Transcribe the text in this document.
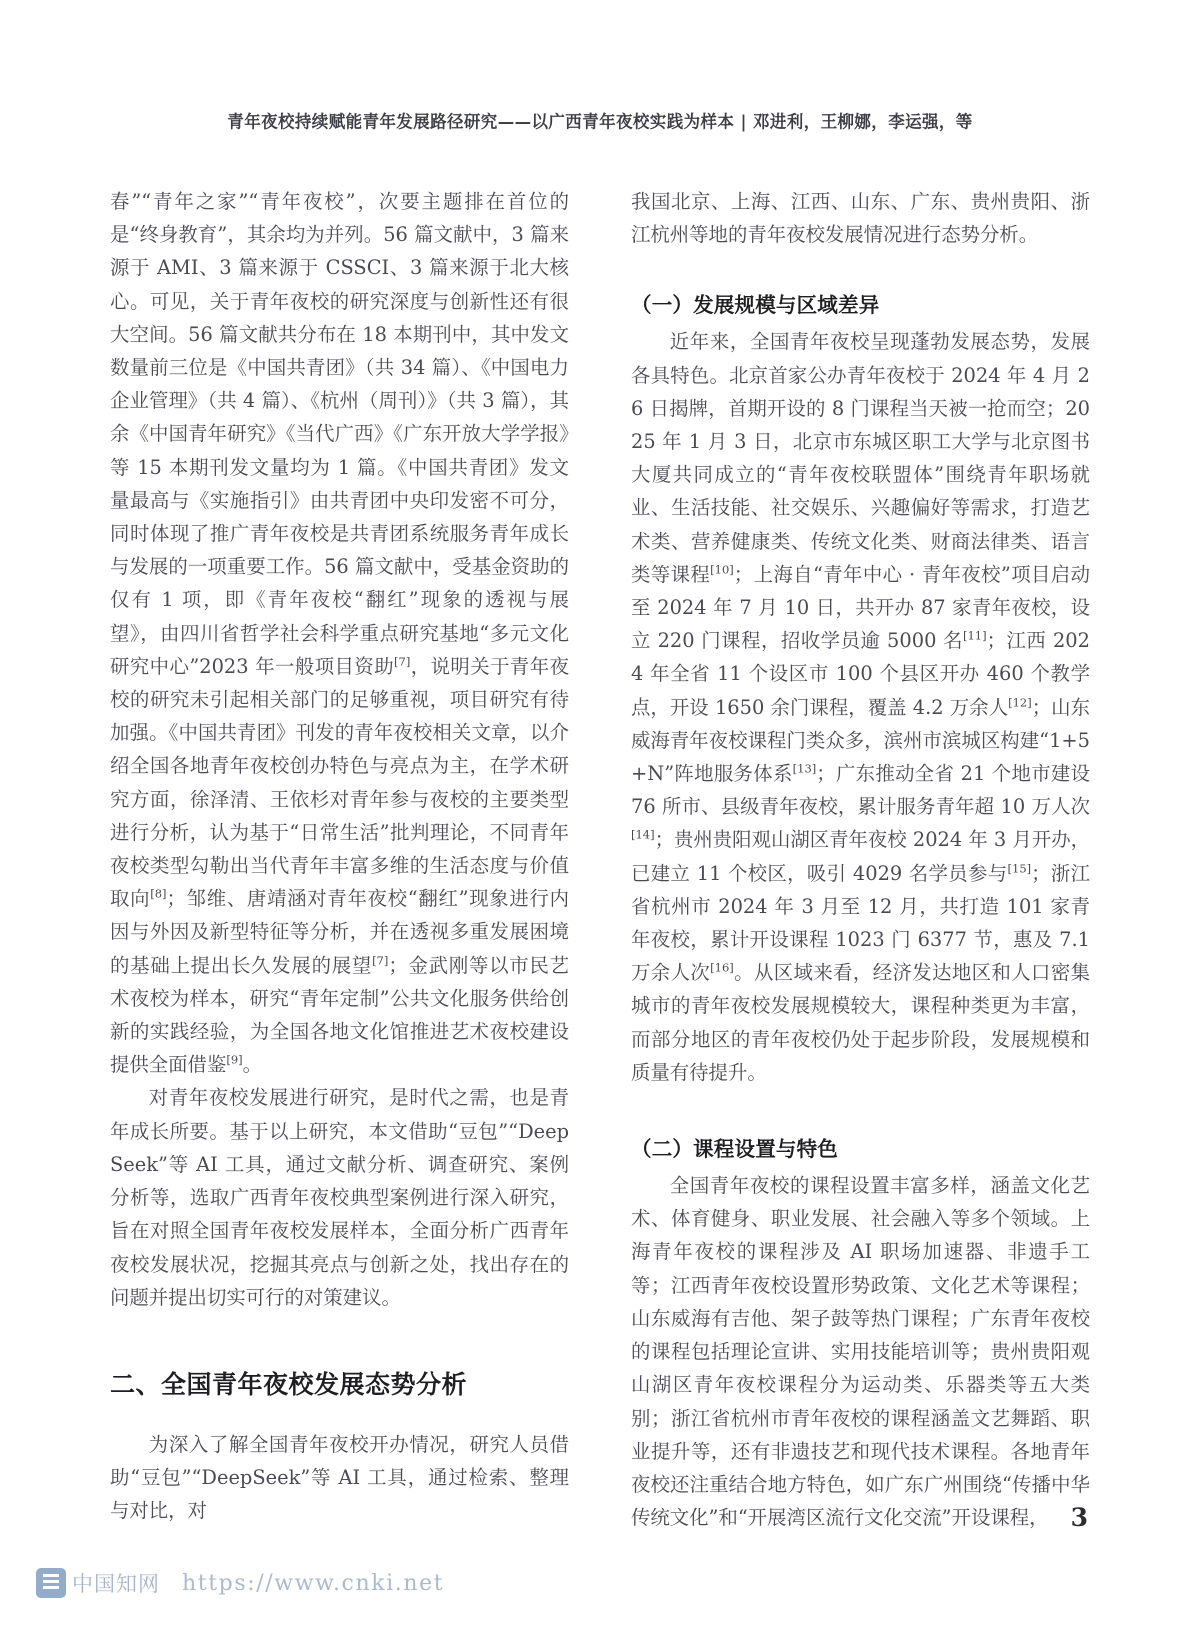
青年夜校持续赋能青年发展路径研究——以广西青年夜校实践为样本 | 邓进利，王柳娜，李运强，等

春”“青年之家”“青年夜校”，次要主题排在首位的是“终身教育”，其余均为并列。56 篇文献中，3 篇来源于 AMI、3 篇来源于 CSSCI、3 篇来源于北大核心。可见，关于青年夜校的研究深度与创新性还有很大空间。56 篇文献共分布在 18 本期刊中，其中发文数量前三位是《中国共青团》（共 34 篇）、《中国电力企业管理》（共 4 篇）、《杭州（周刊）》（共 3 篇），其余《中国青年研究》《当代广西》《广东开放大学学报》等 15 本期刊发文量均为 1 篇。《中国共青团》发文量最高与《实施指引》由共青团中央印发密不可分，同时体现了推广青年夜校是共青团系统服务青年成长与发展的一项重要工作。56 篇文献中，受基金资助的仅有 1 项，即《青年夜校“翻红”现象的透视与展望》，由四川省哲学社会科学重点研究基地“多元文化研究中心”2023 年一般项目资助[7]，说明关于青年夜校的研究未引起相关部门的足够重视，项目研究有待加强。《中国共青团》刊发的青年夜校相关文章，以介绍全国各地青年夜校创办特色与亮点为主，在学术研究方面，徐泽清、王依杉对青年参与夜校的主要类型进行分析，认为基于“日常生活”批判理论，不同青年夜校类型勾勒出当代青年丰富多维的生活态度与价值取向[8]；邹维、唐靖涵对青年夜校“翻红”现象进行内因与外因及新型特征等分析，并在透视多重发展困境的基础上提出长久发展的展望[7]；金武刚等以市民艺术夜校为样本，研究“青年定制”公共文化服务供给创新的实践经验，为全国各地文化馆推进艺术夜校建设提供全面借鉴[9]。

对青年夜校发展进行研究，是时代之需，也是青年成长所要。基于以上研究，本文借助“豆包”“DeepSeek”等 AI 工具，通过文献分析、调查研究、案例分析等，选取广西青年夜校典型案例进行深入研究，旨在对照全国青年夜校发展样本，全面分析广西青年夜校发展状况，挖掘其亮点与创新之处，找出存在的问题并提出切实可行的对策建议。

二、全国青年夜校发展态势分析

为深入了解全国青年夜校开办情况，研究人员借助“豆包”“DeepSeek”等 AI 工具，通过检索、整理与对比，对

我国北京、上海、江西、山东、广东、贵州贵阳、浙江杭州等地的青年夜校发展情况进行态势分析。

（一）发展规模与区域差异

近年来，全国青年夜校呈现蓬勃发展态势，发展各具特色。北京首家公办青年夜校于 2024 年 4 月 26 日揭牌，首期开设的 8 门课程当天被一抢而空；2025 年 1 月 3 日，北京市东城区职工大学与北京图书大厦共同成立的“青年夜校联盟体”围绕青年职场就业、生活技能、社交娱乐、兴趣偏好等需求，打造艺术类、营养健康类、传统文化类、财商法律类、语言类等课程[10]；上海自“青年中心 · 青年夜校”项目启动至 2024 年 7 月 10 日，共开办 87 家青年夜校，设立 220 门课程，招收学员逾 5000 名[11]；江西 2024 年全省 11 个设区市 100 个县区开办 460 个教学点，开设 1650 余门课程，覆盖 4.2 万余人[12]；山东威海青年夜校课程门类众多，滨州市滨城区构建“1+5+N”阵地服务体系[13]；广东推动全省 21 个地市建设 76 所市、县级青年夜校，累计服务青年超 10 万人次[14]；贵州贵阳观山湖区青年夜校 2024 年 3 月开办，已建立 11 个校区，吸引 4029 名学员参与[15]；浙江省杭州市 2024 年 3 月至 12 月，共打造 101 家青年夜校，累计开设课程 1023 门 6377 节，惠及 7.1 万余人次[16]。从区域来看，经济发达地区和人口密集城市的青年夜校发展规模较大，课程种类更为丰富，而部分地区的青年夜校仍处于起步阶段，发展规模和质量有待提升。

（二）课程设置与特色

全国青年夜校的课程设置丰富多样，涵盖文化艺术、体育健身、职业发展、社会融入等多个领域。上海青年夜校的课程涉及 AI 职场加速器、非遗手工等；江西青年夜校设置形势政策、文化艺术等课程；山东威海有吉他、架子鼓等热门课程；广东青年夜校的课程包括理论宣讲、实用技能培训等；贵州贵阳观山湖区青年夜校课程分为运动类、乐器类等五大类别；浙江省杭州市青年夜校的课程涵盖文艺舞蹈、职业提升等，还有非遗技艺和现代技术课程。各地青年夜校还注重结合地方特色，如广东广州围绕“传播中华传统文化”和“开展湾区流行文化交流”开设课程， 3
中国知网 https://www.cnki.net
